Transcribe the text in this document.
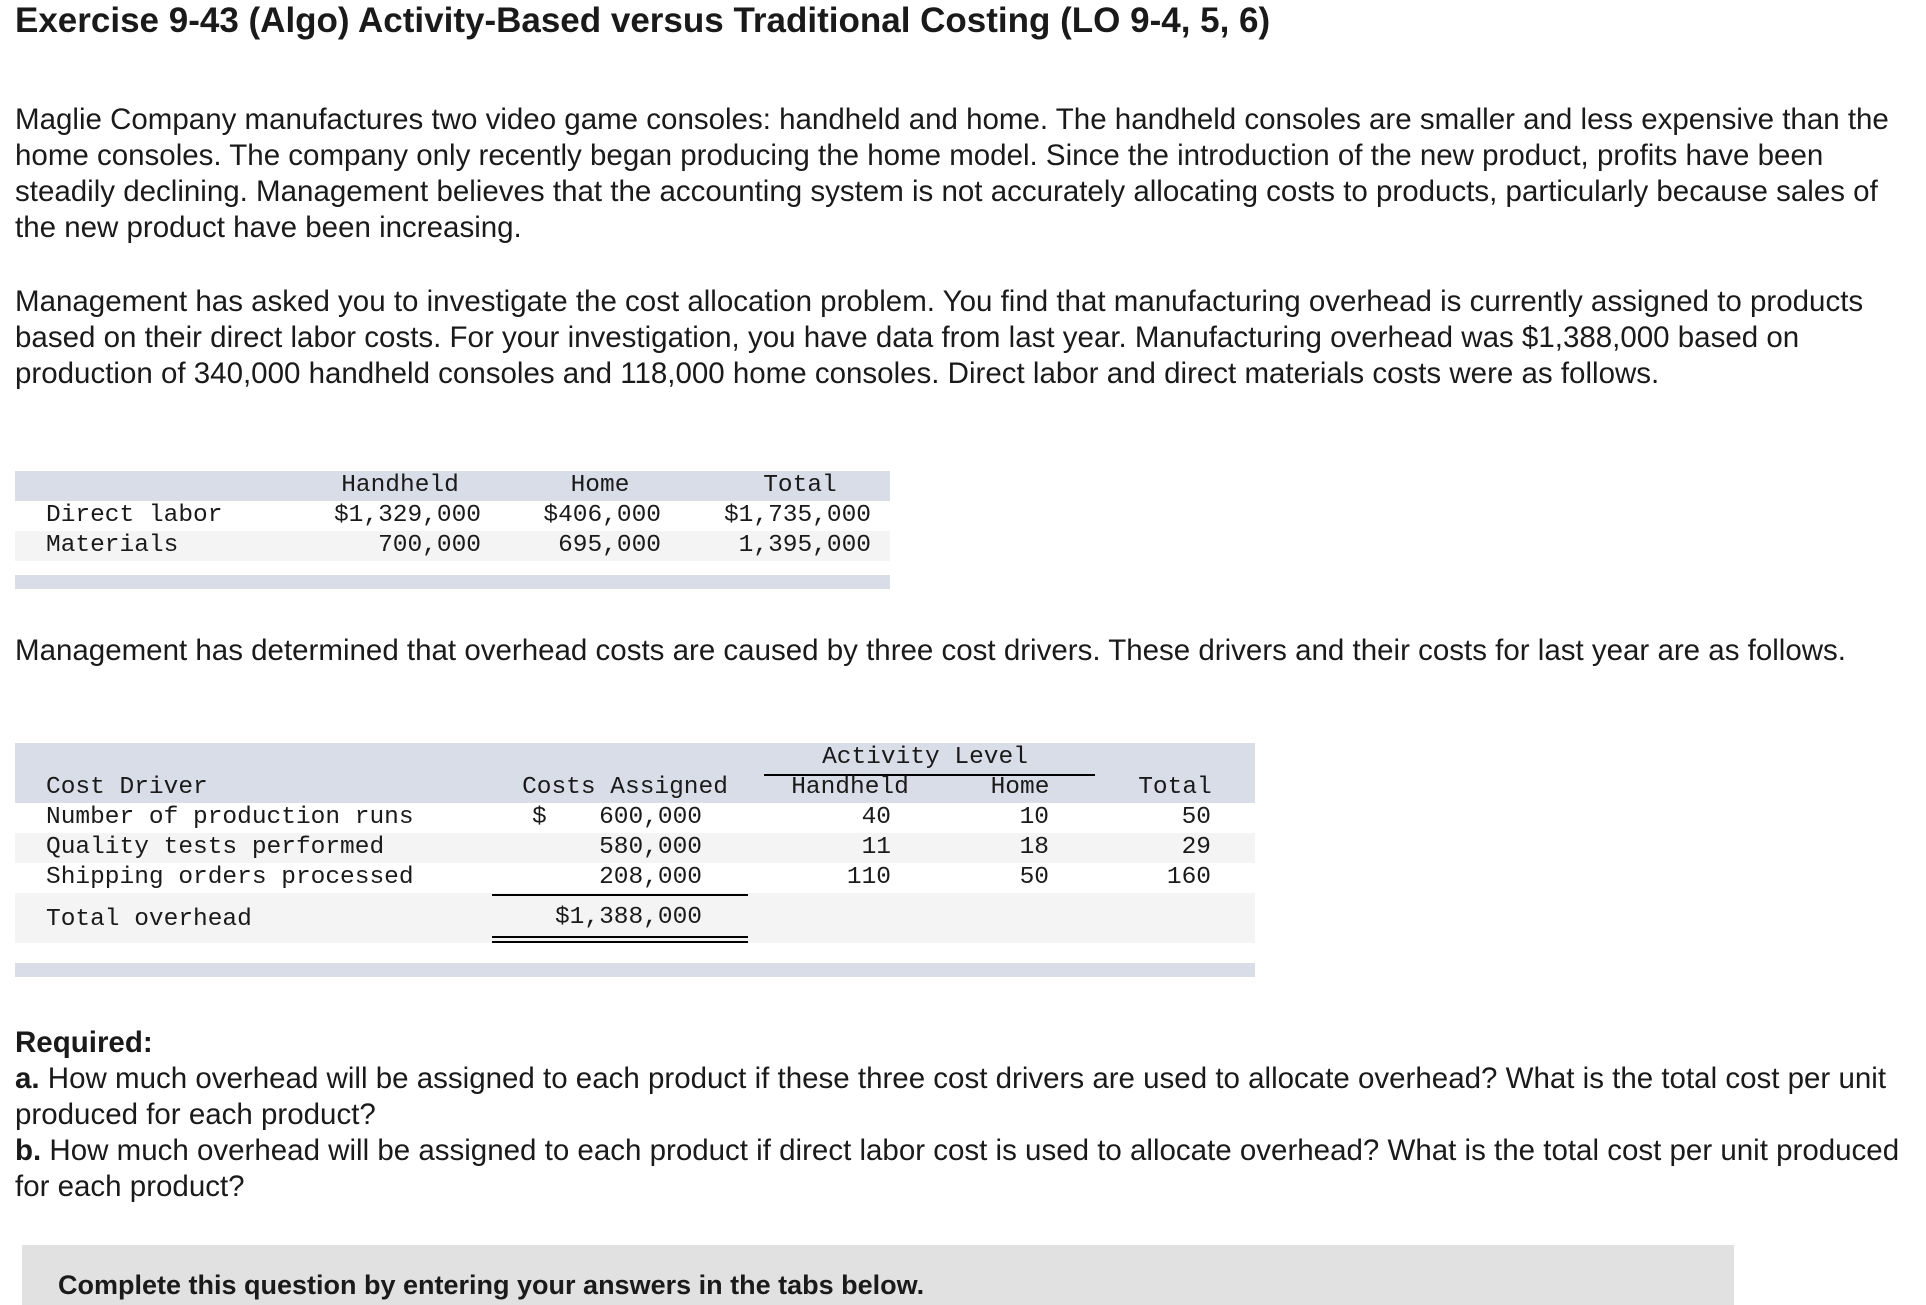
Exercise 9-43 (Algo) Activity-Based versus Traditional Costing (LO 9-4, 5, 6)

Maglie Company manufactures two video game consoles: handheld and home. The handheld consoles are smaller and less expensive than the home consoles. The company only recently began producing the home model. Since the introduction of the new product, profits have been steadily declining. Management believes that the accounting system is not accurately allocating costs to products, particularly because sales of the new product have been increasing.

Management has asked you to investigate the cost allocation problem. You find that manufacturing overhead is currently assigned to products based on their direct labor costs. For your investigation, you have data from last year. Manufacturing overhead was $1,388,000 based on production of 340,000 handheld consoles and 118,000 home consoles. Direct labor and direct materials costs were as follows.

Handheld	Home	Total
Direct labor	$1,329,000	$406,000	$1,735,000
Materials	700,000	695,000	1,395,000

Management has determined that overhead costs are caused by three cost drivers. These drivers and their costs for last year are as follows.

Activity Level
Cost Driver	Costs Assigned	Handheld	Home	Total
Number of production runs	$	600,000	40	10	50
Quality tests performed	580,000	11	18	29
Shipping orders processed	208,000	110	50	160
Total overhead	$1,388,000
Required:
a. How much overhead will be assigned to each product if these three cost drivers are used to allocate overhead? What is the total cost per unit produced for each product?
b. How much overhead will be assigned to each product if direct labor cost is used to allocate overhead? What is the total cost per unit produced for each product?
Complete this question by entering your answers in the tabs below.
